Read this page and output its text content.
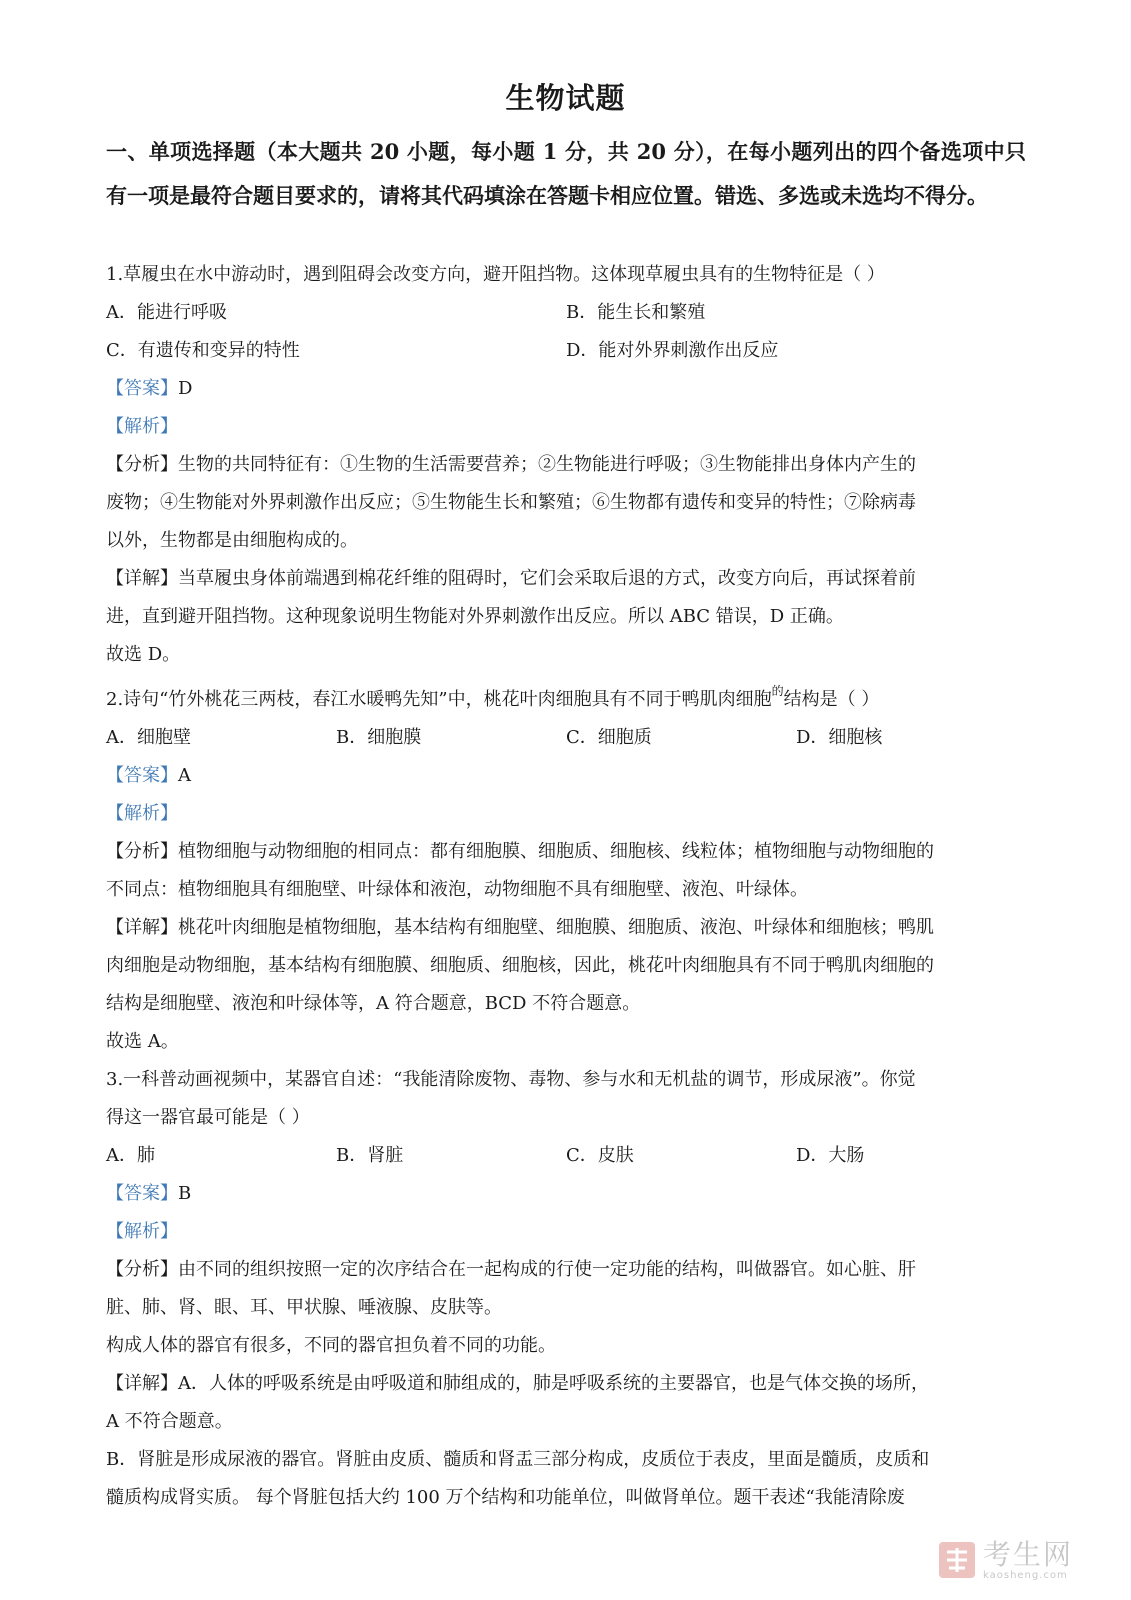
生物试题
一、单项选择题（本大题共 20 小题，每小题 1 分，共 20 分），在每小题列出的四个备选项中只有一项是最符合题目要求的，请将其代码填涂在答题卡相应位置。错选、多选或未选均不得分。
1.草履虫在水中游动时，遇到阻碍会改变方向，避开阻挡物。这体现草履虫具有的生物特征是（ ）
A．能进行呼吸	B．能生长和繁殖
C．有遗传和变异的特性	D．能对外界刺激作出反应
【答案】D
【解析】
【分析】生物的共同特征有：①生物的生活需要营养；②生物能进行呼吸；③生物能排出身体内产生的
废物；④生物能对外界刺激作出反应；⑤生物能生长和繁殖；⑥生物都有遗传和变异的特性；⑦除病毒
以外，生物都是由细胞构成的。
【详解】当草履虫身体前端遇到棉花纤维的阻碍时，它们会采取后退的方式，改变方向后，再试探着前
进，直到避开阻挡物。这种现象说明生物能对外界刺激作出反应。所以 ABC 错误，D 正确。
故选 D。
2.诗句“竹外桃花三两枝，春江水暖鸭先知”中，桃花叶肉细胞具有不同于鸭肌肉细胞$^的$结构是（ ）
A．细胞壁	B．细胞膜	C．细胞质	D．细胞核
【答案】A
【解析】
【分析】植物细胞与动物细胞的相同点：都有细胞膜、细胞质、细胞核、线粒体；植物细胞与动物细胞的
不同点：植物细胞具有细胞壁、叶绿体和液泡，动物细胞不具有细胞壁、液泡、叶绿体。
【详解】桃花叶肉细胞是植物细胞，基本结构有细胞壁、细胞膜、细胞质、液泡、叶绿体和细胞核；鸭肌
肉细胞是动物细胞，基本结构有细胞膜、细胞质、细胞核，因此，桃花叶肉细胞具有不同于鸭肌肉细胞的
结构是细胞壁、液泡和叶绿体等，A 符合题意，BCD 不符合题意。
故选 A。
3.一科普动画视频中，某器官自述：“我能清除废物、毒物、参与水和无机盐的调节，形成尿液”。你觉
得这一器官最可能是（ ）
A．肺	B．肾脏	C．皮肤	D．大肠
【答案】B
【解析】
【分析】由不同的组织按照一定的次序结合在一起构成的行使一定功能的结构，叫做器官。如心脏、肝
脏、肺、肾、眼、耳、甲状腺、唾液腺、皮肤等。
构成人体的器官有很多，不同的器官担负着不同的功能。
【详解】A．人体的呼吸系统是由呼吸道和肺组成的，肺是呼吸系统的主要器官，也是气体交换的场所，
A 不符合题意。
B．肾脏是形成尿液的器官。肾脏由皮质、髓质和肾盂三部分构成，皮质位于表皮，里面是髓质，皮质和
髓质构成肾实质。 每个肾脏包括大约 100 万个结构和功能单位，叫做肾单位。题干表述“我能清除废
考生网
kaosheng.com
